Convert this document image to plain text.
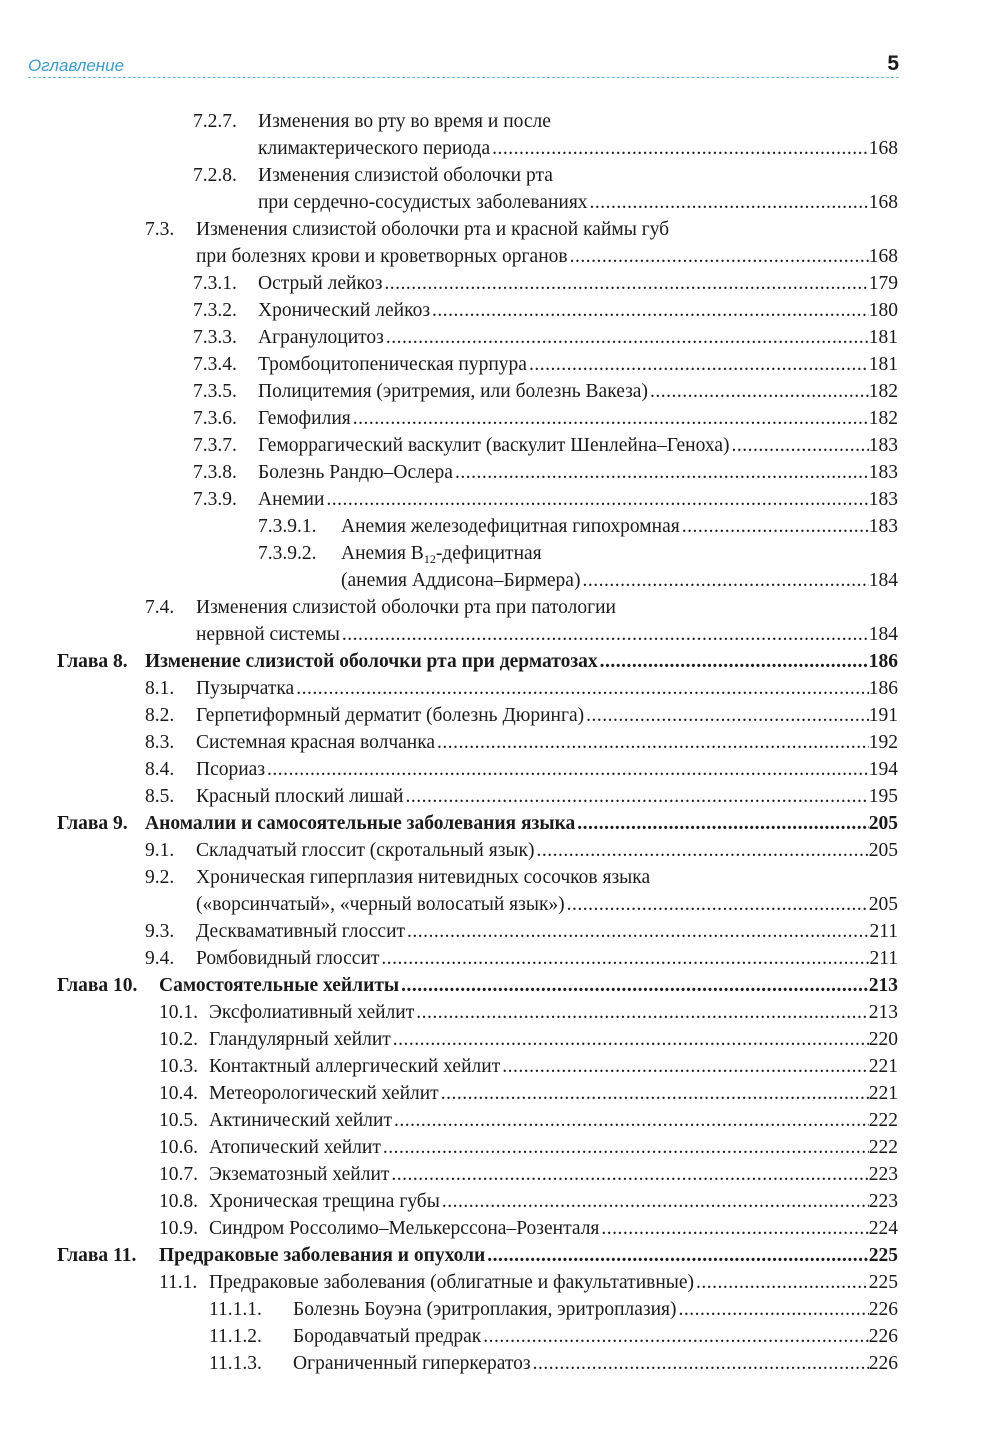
Оглавление	5
7.2.7. Изменения во рту во время и после
климактерического периода .....	168
7.2.8. Изменения слизистой оболочки рта
при сердечно-сосудистых заболеваниях .....	168
7.3. Изменения слизистой оболочки рта и красной каймы губ
при болезнях крови и кроветворных органов .....	168
7.3.1. Острый лейкоз .....	179
7.3.2. Хронический лейкоз .....	180
7.3.3. Агранулоцитоз .....	181
7.3.4. Тромбоцитопеническая пурпура .....	181
7.3.5. Полицитемия (эритремия, или болезнь Вакеза) .....	182
7.3.6. Гемофилия .....	182
7.3.7. Геморрагический васкулит (васкулит Шенлейна–Геноха) .....	183
7.3.8. Болезнь Рандю–Ослера .....	183
7.3.9. Анемии .....	183
7.3.9.1. Анемия железодефицитная гипохромная .....	183
7.3.9.2. Анемия $B_{12}$-дефицитная
(анемия Аддисона–Бирмера) .....	184
7.4. Изменения слизистой оболочки рта при патологии
нервной системы .....	184
Глава 8. Изменение слизистой оболочки рта при дерматозах .....	186
8.1. Пузырчатка .....	186
8.2. Герпетиформный дерматит (болезнь Дюринга) .....	191
8.3. Системная красная волчанка .....	192
8.4. Псориаз .....	194
8.5. Красный плоский лишай .....	195
Глава 9. Аномалии и самосоятельные заболевания языка .....	205
9.1. Складчатый глоссит (скротальный язык) .....	205
9.2. Хроническая гиперплазия нитевидных сосочков языка
(«ворсинчатый», «черный волосатый язык») .....	205
9.3. Десквамативный глоссит .....	211
9.4. Ромбовидный глоссит .....	211
Глава 10. Самостоятельные хейлиты .....	213
10.1. Эксфолиативный хейлит .....	213
10.2. Гландулярный хейлит .....	220
10.3. Контактный аллергический хейлит .....	221
10.4. Метеорологический хейлит .....	221
10.5. Актинический хейлит .....	222
10.6. Атопический хейлит .....	222
10.7. Экзематозный хейлит .....	223
10.8. Хроническая трещина губы .....	223
10.9. Синдром Россолимо–Мелькерссона–Розенталя .....	224
Глава 11. Предраковые заболевания и опухоли .....	225
11.1. Предраковые заболевания (облигатные и факультативные) .....	225
11.1.1. Болезнь Боуэна (эритроплакия, эритроплазия) .....	226
11.1.2. Бородавчатый предрак .....	226
11.1.3. Ограниченный гиперкератоз .....	226
